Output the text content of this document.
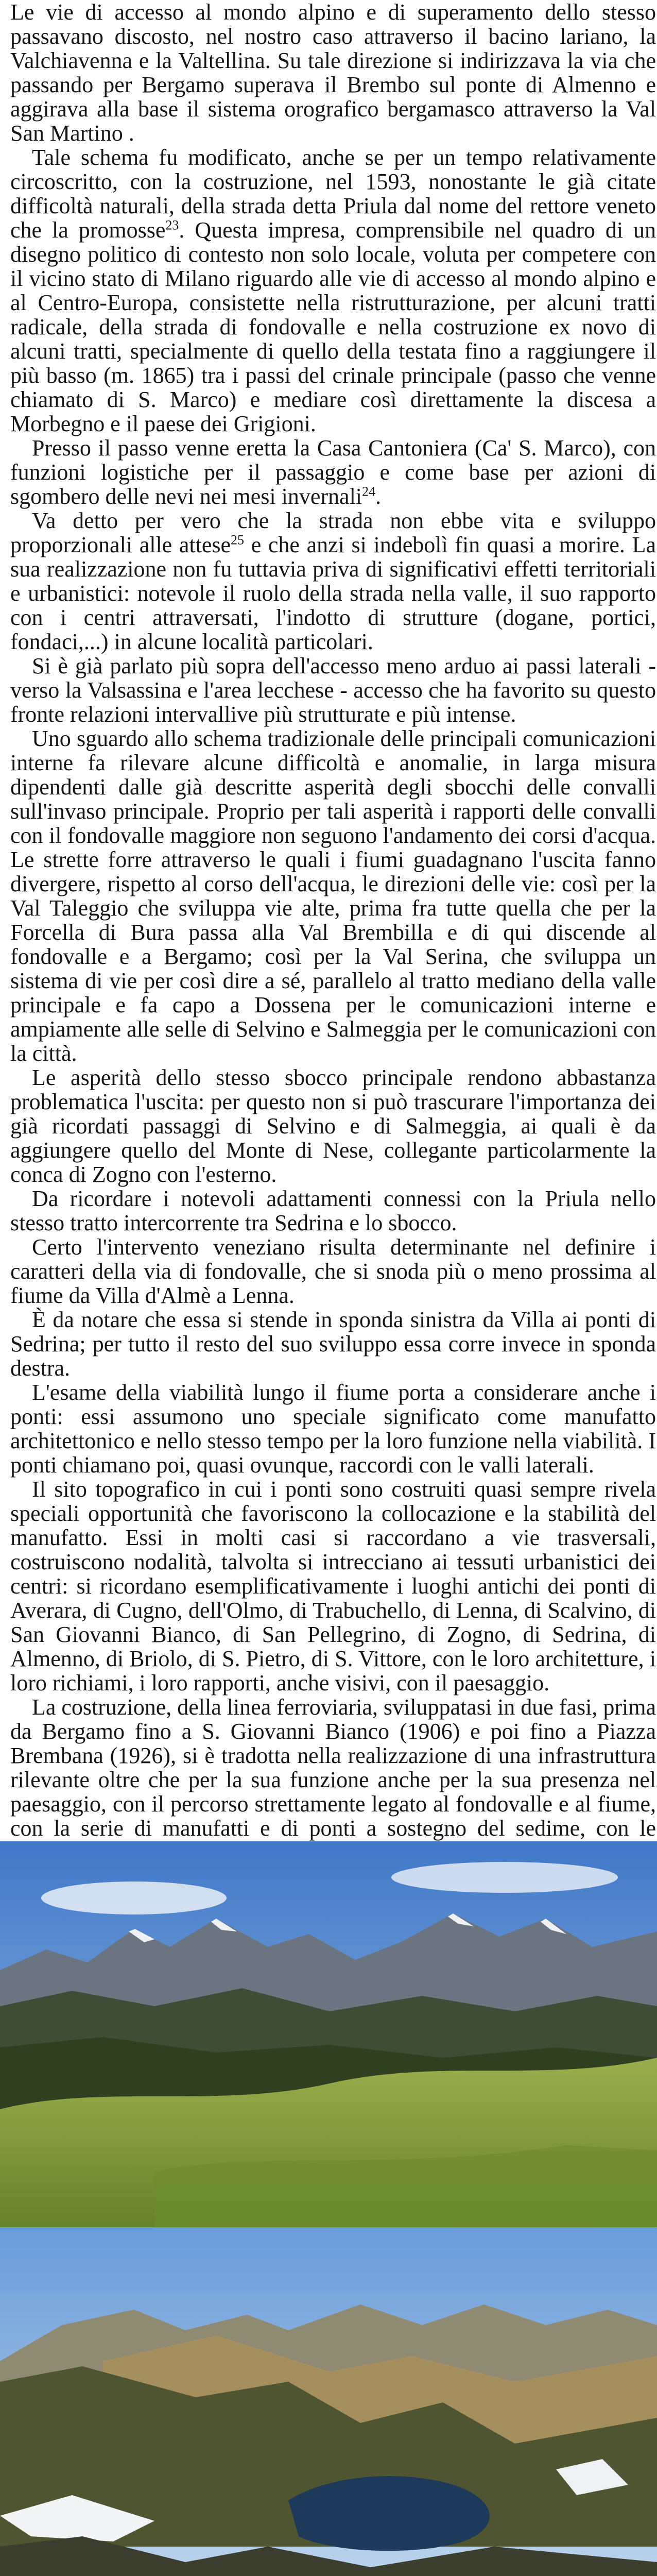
Le vie di accesso al mondo alpino e di superamento dello stesso passavano discosto, nel nostro caso attraverso il bacino lariano, la Valchiavenna e la Valtellina. Su tale direzione si indirizzava la via che passando per Bergamo superava il Brembo sul ponte di Almenno e aggirava alla base il sistema orografico bergamasco attraverso la Val San Martino .

Tale schema fu modificato, anche se per un tempo relativamente circoscritto, con la costruzione, nel 1593, nonostante le già citate difficoltà naturali, della strada detta Priula dal nome del rettore veneto che la promosse$^{23}$. Questa impresa, comprensibile nel quadro di un disegno politico di contesto non solo locale, voluta per competere con il vicino stato di Milano riguardo alle vie di accesso al mondo alpino e al Centro-Europa, consistette nella ristrutturazione, per alcuni tratti radicale, della strada di fondovalle e nella costruzione ex novo di alcuni tratti, specialmente di quello della testata fino a raggiungere il più basso (m. 1865) tra i passi del crinale principale (passo che venne chiamato di S. Marco) e mediare così direttamente la discesa a Morbegno e il paese dei Grigioni.

Presso il passo venne eretta la Casa Cantoniera (Ca' S. Marco), con funzioni logistiche per il passaggio e come base per azioni di sgombero delle nevi nei mesi invernali$^{24}$.

Va detto per vero che la strada non ebbe vita e sviluppo proporzionali alle attese$^{25}$ e che anzi si indebolì fin quasi a morire. La sua realizzazione non fu tuttavia priva di significativi effetti territoriali e urbanistici: notevole il ruolo della strada nella valle, il suo rapporto con i centri attraversati, l'indotto di strutture (dogane, portici, fondaci,...) in alcune località particolari.

Si è già parlato più sopra dell'accesso meno arduo ai passi laterali - verso la Valsassina e l'area lecchese - accesso che ha favorito su questo fronte relazioni intervallive più strutturate e più intense.

Uno sguardo allo schema tradizionale delle principali comunicazioni interne fa rilevare alcune difficoltà e anomalie, in larga misura dipendenti dalle già descritte asperità degli sbocchi delle convalli sull'invaso principale. Proprio per tali asperità i rapporti delle convalli con il fondovalle maggiore non seguono l'andamento dei corsi d'acqua. Le strette forre attraverso le quali i fiumi guadagnano l'uscita fanno divergere, rispetto al corso dell'acqua, le direzioni delle vie: così per la Val Taleggio che sviluppa vie alte, prima fra tutte quella che per la Forcella di Bura passa alla Val Brembilla e di qui discende al fondovalle e a Bergamo; così per la Val Serina, che sviluppa un sistema di vie per così dire a sé, parallelo al tratto mediano della valle principale e fa capo a Dossena per le comunicazioni interne e ampiamente alle selle di Selvino e Salmeggia per le comunicazioni con la città.

Le asperità dello stesso sbocco principale rendono abbastanza problematica l'uscita: per questo non si può trascurare l'importanza dei già ricordati passaggi di Selvino e di Salmeggia, ai quali è da aggiungere quello del Monte di Nese, collegante particolarmente la conca di Zogno con l'esterno.

Da ricordare i notevoli adattamenti connessi con la Priula nello stesso tratto intercorrente tra Sedrina e lo sbocco.

Certo l'intervento veneziano risulta determinante nel definire i caratteri della via di fondovalle, che si snoda più o meno prossima al fiume da Villa d'Almè a Lenna.

È da notare che essa si stende in sponda sinistra da Villa ai ponti di Sedrina; per tutto il resto del suo sviluppo essa corre invece in sponda destra.

L'esame della viabilità lungo il fiume porta a considerare anche i ponti: essi assumono uno speciale significato come manufatto architettonico e nello stesso tempo per la loro funzione nella viabilità. I ponti chiamano poi, quasi ovunque, raccordi con le valli laterali.

Il sito topografico in cui i ponti sono costruiti quasi sempre rivela speciali opportunità che favoriscono la collocazione e la stabilità del manufatto. Essi in molti casi si raccordano a vie trasversali, costruiscono nodalità, talvolta si intrecciano ai tessuti urbanistici dei centri: si ricordano esemplificativamente i luoghi antichi dei ponti di Averara, di Cugno, dell'Olmo, di Trabuchello, di Lenna, di Scalvino, di San Giovanni Bianco, di San Pellegrino, di Zogno, di Sedrina, di Almenno, di Briolo, di S. Pietro, di S. Vittore, con le loro architetture, i loro richiami, i loro rapporti, anche visivi, con il paesaggio.

La costruzione, della linea ferroviaria, sviluppatasi in due fasi, prima da Bergamo fino a S. Giovanni Bianco (1906) e poi fino a Piazza Brembana (1926), si è tradotta nella realizzazione di una infrastruttura rilevante oltre che per la sua funzione anche per la sua presenza nel paesaggio, con il percorso strettamente legato al fondovalle e al fiume, con la serie di manufatti e di ponti a sostegno del sedime, con le
